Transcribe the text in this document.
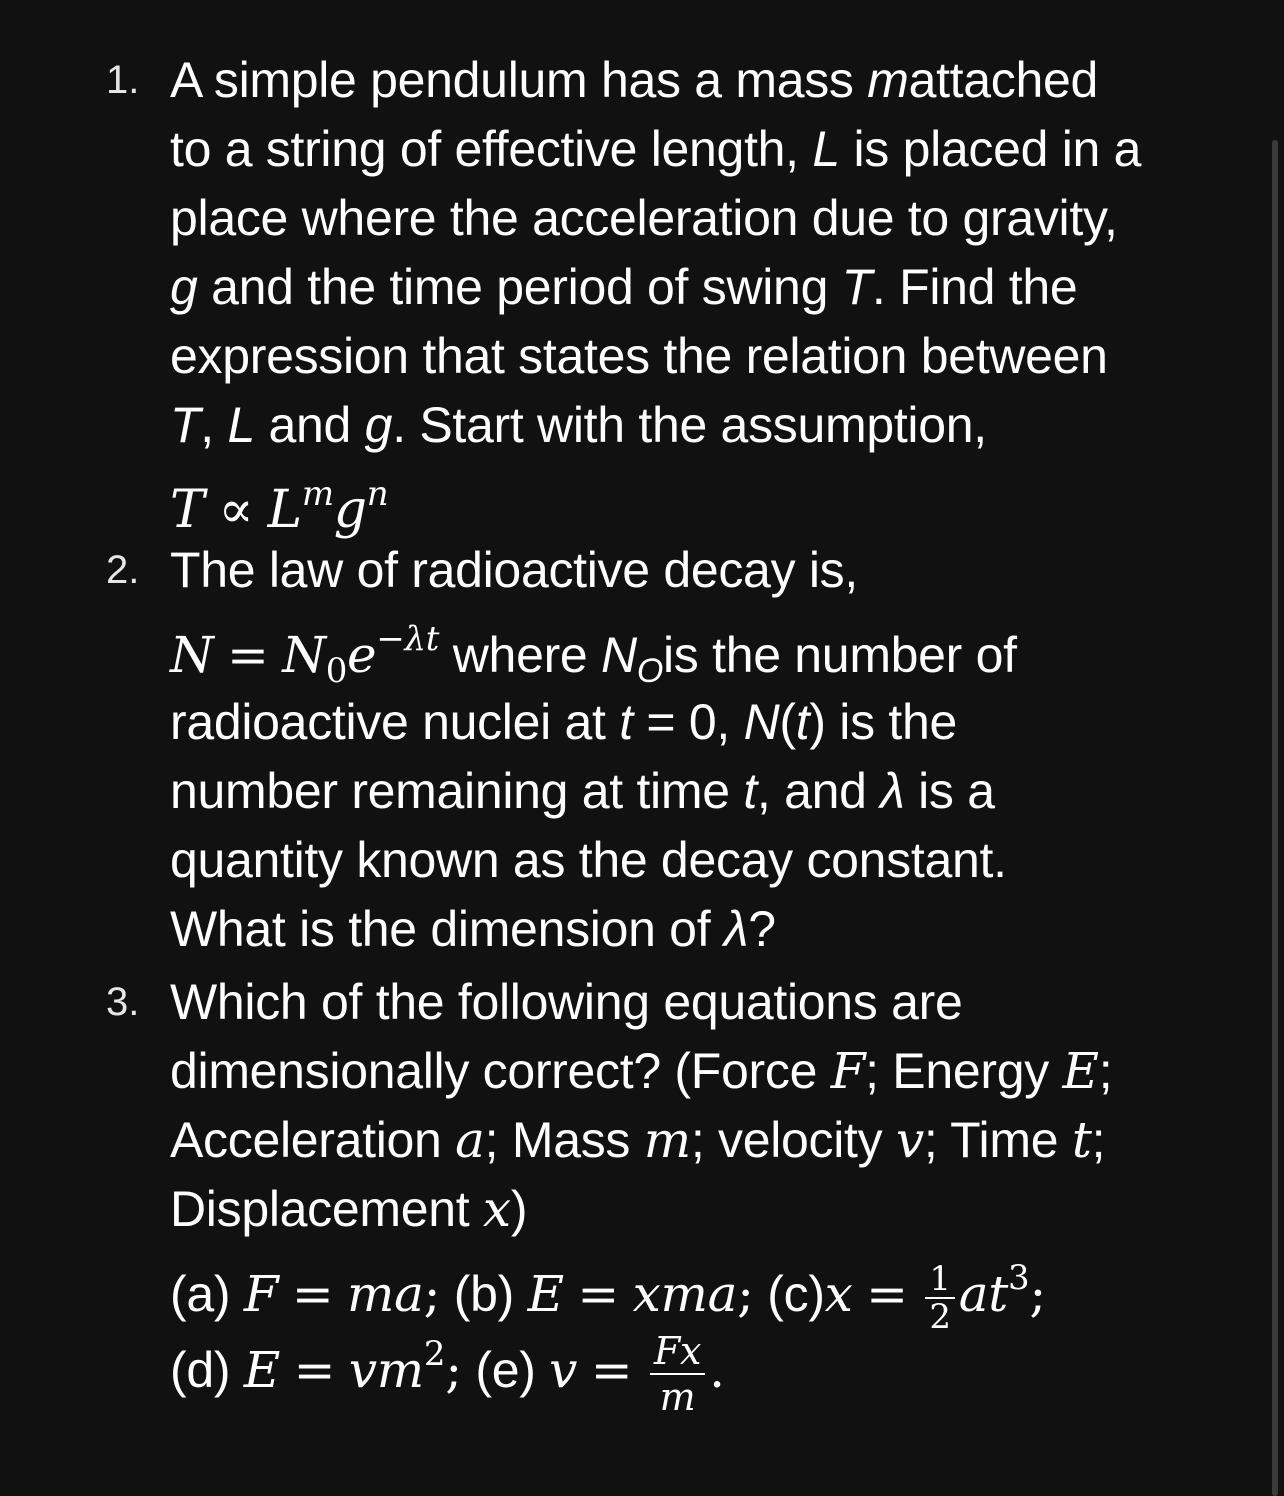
1. A simple pendulum has a mass mattached
to a string of effective length, L is placed in a
place where the acceleration due to gravity,
g and the time period of swing T. Find the
expression that states the relation between
T, L and g. Start with the assumption,
$T \propto L^mg^n$
2. The law of radioactive decay is,
$N = N_0e^{-\lambda t}$ where $N_Ois$ the number of
radioactive nuclei at t = 0, N(t) is the
number remaining at time t, and λ is a
quantity known as the decay constant.
What is the dimension of λ?
3. Which of the following equations are
dimensionally correct? (Force F; Energy E;
Acceleration a; Mass m; velocity v; Time t;
Displacement x)
(a) F = ma; (b) E = xma; $(c)x = \frac{1}{2} at^3$;
(d) $E = vm^2$; (e) $v = \frac{Fx}{m}$ .
